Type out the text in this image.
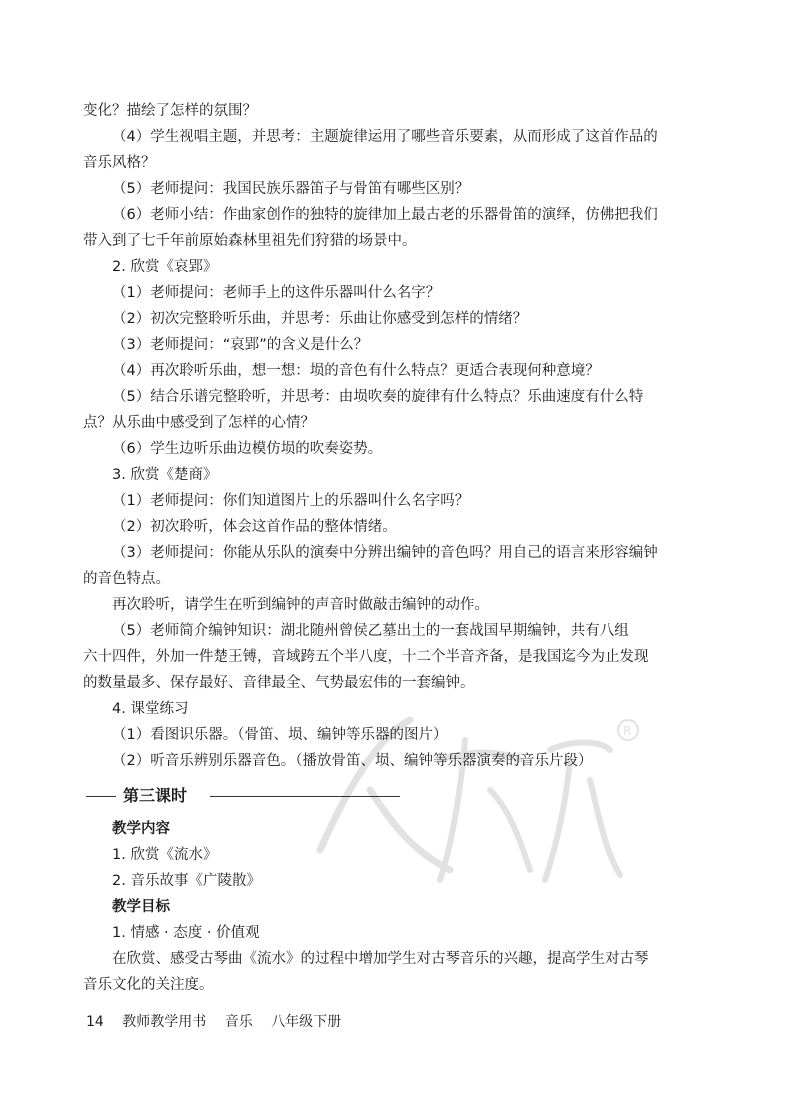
变化？描绘了怎样的氛围？
（4）学生视唱主题，并思考：主题旋律运用了哪些音乐要素，从而形成了这首作品的
音乐风格？
（5）老师提问：我国民族乐器笛子与骨笛有哪些区别？
（6）老师小结：作曲家创作的独特的旋律加上最古老的乐器骨笛的演绎，仿佛把我们
带入到了七千年前原始森林里祖先们狩猎的场景中。
2. 欣赏《哀郢》
（1）老师提问：老师手上的这件乐器叫什么名字？
（2）初次完整聆听乐曲，并思考：乐曲让你感受到怎样的情绪？
（3）老师提问：“哀郢”的含义是什么？
（4）再次聆听乐曲，想一想：埙的音色有什么特点？更适合表现何种意境？
（5）结合乐谱完整聆听，并思考：由埙吹奏的旋律有什么特点？乐曲速度有什么特
点？从乐曲中感受到了怎样的心情？
（6）学生边听乐曲边模仿埙的吹奏姿势。
3. 欣赏《楚商》
（1）老师提问：你们知道图片上的乐器叫什么名字吗？
（2）初次聆听，体会这首作品的整体情绪。
（3）老师提问：你能从乐队的演奏中分辨出编钟的音色吗？用自己的语言来形容编钟
的音色特点。
再次聆听，请学生在听到编钟的声音时做敲击编钟的动作。
（5）老师简介编钟知识：湖北随州曾侯乙墓出土的一套战国早期编钟，共有八组
六十四件，外加一件楚王镈，音域跨五个半八度，十二个半音齐备，是我国迄今为止发现
的数量最多、保存最好、音律最全、气势最宏伟的一套编钟。
4. 课堂练习
（1）看图识乐器。（骨笛、埙、编钟等乐器的图片）
（2）听音乐辨别乐器音色。（播放骨笛、埙、编钟等乐器演奏的音乐片段）
第三课时
教学内容
1. 欣赏《流水》
2. 音乐故事《广陵散》
教学目标
1. 情感 · 态度 · 价值观
在欣赏、感受古琴曲《流水》的过程中增加学生对古琴音乐的兴趣，提高学生对古琴
音乐文化的关注度。
R
14 教师教学用书 音乐 八年级下册
